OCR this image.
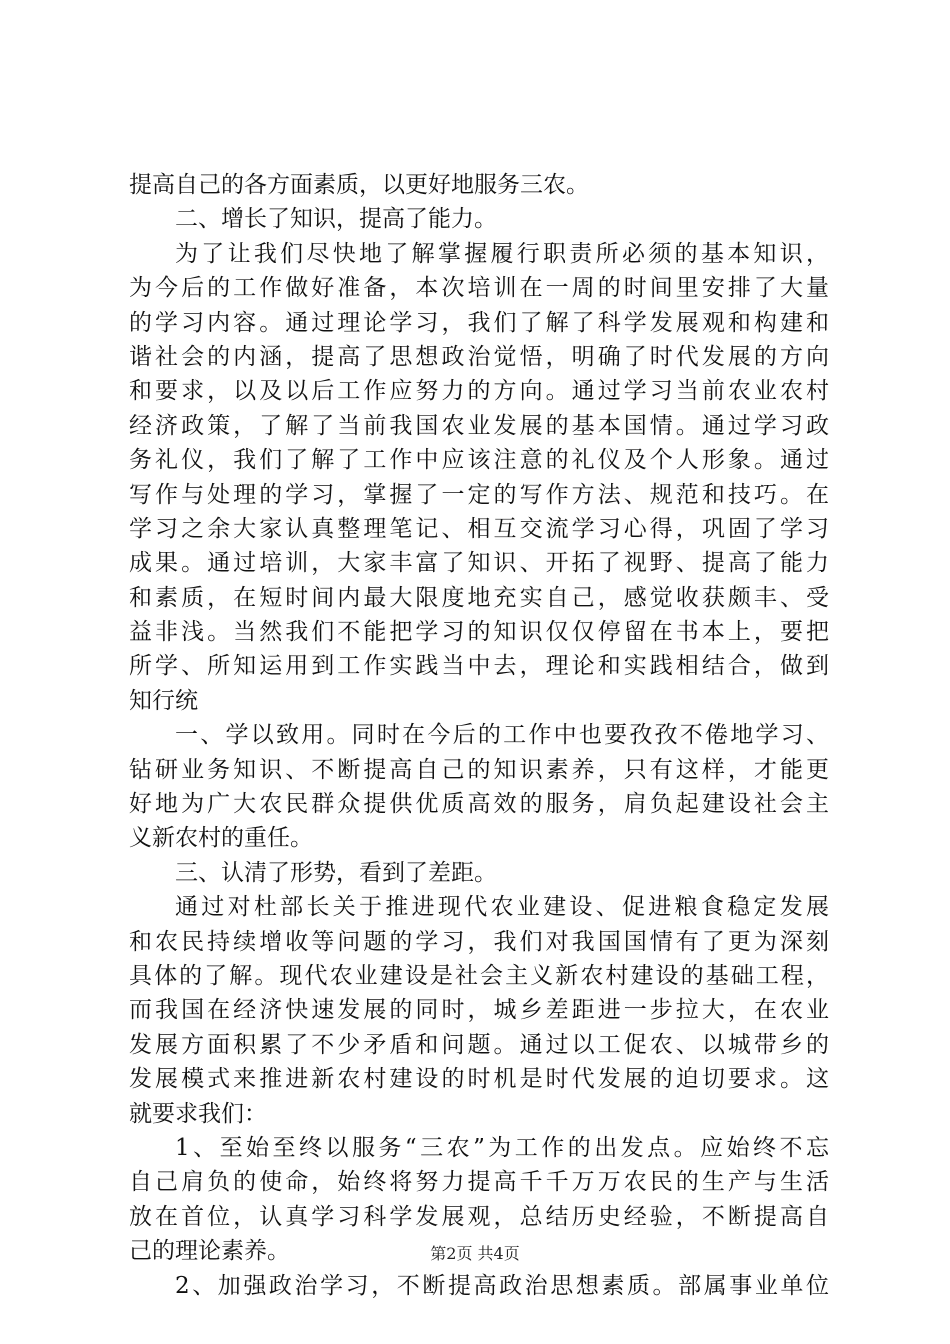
提高自己的各方面素质，以更好地服务三农。
二、增长了知识，提高了能力。
为了让我们尽快地了解掌握履行职责所必须的基本知识，
为今后的工作做好准备，本次培训在一周的时间里安排了大量
的学习内容。通过理论学习，我们了解了科学发展观和构建和
谐社会的内涵，提高了思想政治觉悟，明确了时代发展的方向
和要求，以及以后工作应努力的方向。通过学习当前农业农村
经济政策，了解了当前我国农业发展的基本国情。通过学习政
务礼仪，我们了解了工作中应该注意的礼仪及个人形象。通过
写作与处理的学习，掌握了一定的写作方法、规范和技巧。在
学习之余大家认真整理笔记、相互交流学习心得，巩固了学习
成果。通过培训，大家丰富了知识、开拓了视野、提高了能力
和素质，在短时间内最大限度地充实自己，感觉收获颇丰、受
益非浅。当然我们不能把学习的知识仅仅停留在书本上，要把
所学、所知运用到工作实践当中去，理论和实践相结合，做到
知行统
一、学以致用。同时在今后的工作中也要孜孜不倦地学习、
钻研业务知识、不断提高自己的知识素养，只有这样，才能更
好地为广大农民群众提供优质高效的服务，肩负起建设社会主
义新农村的重任。
三、认清了形势，看到了差距。
通过对杜部长关于推进现代农业建设、促进粮食稳定发展
和农民持续增收等问题的学习，我们对我国国情有了更为深刻
具体的了解。现代农业建设是社会主义新农村建设的基础工程，
而我国在经济快速发展的同时，城乡差距进一步拉大，在农业
发展方面积累了不少矛盾和问题。通过以工促农、以城带乡的
发展模式来推进新农村建设的时机是时代发展的迫切要求。这
就要求我们：
1、至始至终以服务“三农”为工作的出发点。应始终不忘
自己肩负的使命，始终将努力提高千千万万农民的生产与生活
放在首位，认真学习科学发展观，总结历史经验，不断提高自
己的理论素养。
2、加强政治学习，不断提高政治思想素质。部属事业单位
第2页 共4页
